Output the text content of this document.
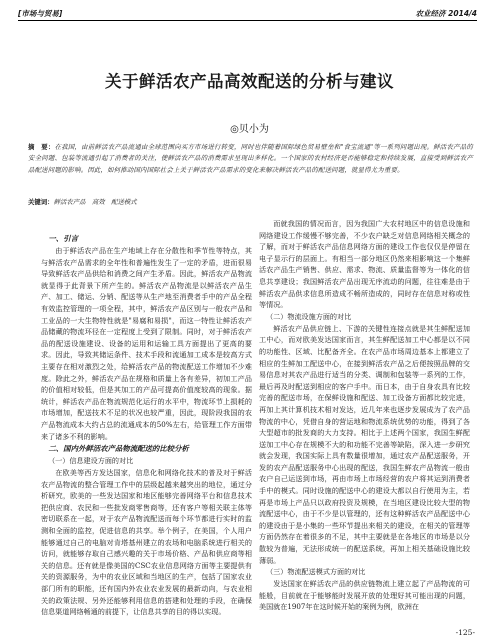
[市场与贸易]	农业经济 2014/4
关于鲜活农产品高效配送的分析与建议
◎贝小为
摘　要：在我国，由前鲜活农产品流通由全球范围向买方市场进行转变，同时也伴随着国际绿色贸易壁垒和"食宝流通"等一系列问题出现。鲜活农产品的安全问题、包装等流通引起了消费者的关注，使鲜活农产品的消费需求呈现出多样化。一个国家的农村经济是否能够稳定和持续发展，直接受到鲜活农产品配送问题的影响。因此，如何推动国内国际社会上关于鲜活农产品需求的变化来解决鲜活农产品的配送问题，就显得尤为重要。
关键词：鲜活农产品　高效　配送模式
一、引言

由于鲜活农产品在生产地域上存在分散性和季节性等特点，其与鲜活农产品需求的全年性和普遍性发生了一定的矛盾，进而很易导致鲜活农产品供给和消费之间产生矛盾。因此，鲜活农产品物流就显得于此背景下所产生的。鲜活农产品物流是以鲜活农产品生产、加工、储运、分销、配送等从生产地至消费者手中的产品全程有效监控管理的一项全程，其中，鲜活农产品区别与一般农产品和工业品的一大生物特性就是"易腐和易损"，而这一特性让鲜活农产品储藏的物流环径在一定程度上受到了限制。同时，对于鲜活农产品的配送设施建设、设备的运用和运输工具方面提出了更高的要求。因此，导致其储运条件、技术手段和流通加工成本是较高方式主要存在相对激烈之处，给鲜活农产品的物流配送工作增加不少难度。除此之外，鲜活农产品在规格和质量上各有差异，初加工产品的价值相对较低，但是其加工的产品可提高价值度较高的现象。据统计，鲜活农产品在物流规范化运行的水平中，物流环节上损耗的市场增加，配送技术不足的状况也较严重，因此，现阶段我国的农产品物流成本大约占总的流通成本的50%左右，给管理工作方面带来了诸多不利的影响。

二、国内外鲜活农产品物流配送的比较分析
（一）信息建设方面的对比

在欧美等西方发达国家，信息化和网络化技术的普及对于鲜活农产品物流的整合管理工作中的层级起越来越突出的地位，通过分析研究，欧美的一些发达国家和地区能够完善网络平台和信息技术把供应商、农民和一些批发商零售商等，还有客户等相关联主体等密切联系在一起，对于农产品物流配送而每个环节都进行实时的监测和全面的监控，促进信息的共享。举个例子，在美国，个人用户能够通过自己的电脑对肯塔基州建立的农场和电脑系统进行相关的访问，就能够存取自己感兴趣的关于市场价格、产品和供应商等相关的信息。还有就是像美国的CSC农业信息网络方面等主要提供有关的资源服务，为中的农业区域和当地区的生产，包括了国家农业部门所有的职能，还有国内外农业农业发展的最新动向，与农业相关的政策法规、另外还能够利用信息的搭建和处理的手段，在确保信息渠道网络畅通的前提下，让信息共享的目的得以实现。

而就我国的情况而言，因为我国广大农村地区中的信息设施和网络建设工作缓慢不够完善，不少农户缺乏对信息网络相关概念的了解，而对于鲜活农产品信息网络方面的建设工作也仅仅是停留在电子显示行的层面上。有相当一部分地区仍然来相影响这一个集鲜活农产品生产销售、供应、需求、物流、质量监督等为一体化的信息共享建设；我国鲜活农产品出现无序流动的问题，往往难是由于鲜活农产品供求信息所造成不畅所造成的，同时存在信息对称或性等情况。

（二）物流设施方面的对比

鲜活农产品供应链上、下游的关键性连接点就是其生鲜配送加工中心，而对欧美发达国家而言，其生鲜配送加工中心都是以不同的功能性、区域、比配备齐全。在农产品市场周边基本上都建立了相应的生鲜加工配送中心，在接到鲜活农产品之后便按照品牌的交易信息对其农产品进行适当的分类、调制和包装等一系列的工作，最后再及时配送到相应的客户手中。而日本，由于自身农具有比较完善的配送市场，在保鲜设施和配送、加工设备方面都比较完进，再加上其计算机技术相对发达，近几年来也逐步发展成为了农产品物流的中心，凭借自身的营运地和物流系统优势的功能，得到了各大型超市的批发商的大力支持。相比于上述两个国家，我国生鲜配送加工中心存在规模不大的和功能不完善等缺陷，深入进一步研究就会发现，我国实际上具有数量很增加，通过农产品配送服务，开发的农产品配送服务中心出现的配送，我国生鲜农产品物流一般由农户自己运送到市场，再由市场上市场经营的农户将其运到消费者手中的模式。同时设施的配送中心的建设大都以自行使用为主，若再是市场上产品只以政府投资及规模，在当地区建设比较大型的物流配送中心，由于不少是以管理的，还有这种鲜活农产品配送中心的建设由于是小集的一些环节提出来相关的建设，在相关的管理等方面仍然存在着很多的不足，其中主要就是在各地区的市场是以分散较为普遍，无法形成统一的配送系统，再加上相关基础设施比较薄弱。

（三）物流配送模式方面的对比

发达国家在鲜活农产品的供应链物流上建立起了产品物流的可能般，目前就在于能够能时发展开放的处理好其可能出现的问题，美国就在1907年在这时候开始的案例为例，欧洲在

-125-
